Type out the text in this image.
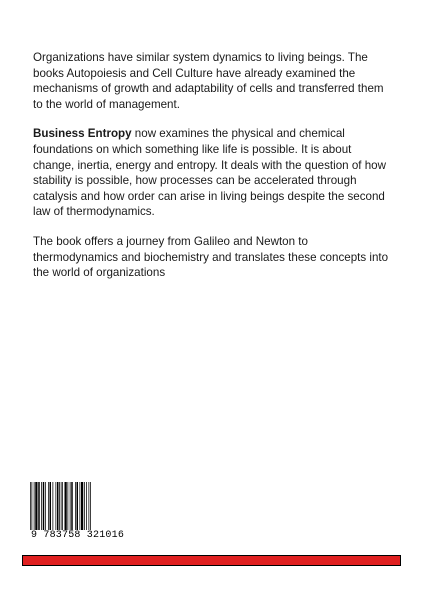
Organizations have similar system dynamics to living beings. The books Autopoiesis and Cell Culture have already examined the mechanisms of growth and adaptability of cells and transferred them to the world of management.

Business Entropy now examines the physical and chemical foundations on which something like life is possible. It is about change, inertia, energy and entropy. It deals with the question of how stability is possible, how processes can be accelerated through catalysis and how order can arise in living beings despite the second law of thermodynamics.

The book offers a journey from Galileo and Newton to thermodynamics and biochemistry and translates these concepts into the world of organizations

9 783758 321016
